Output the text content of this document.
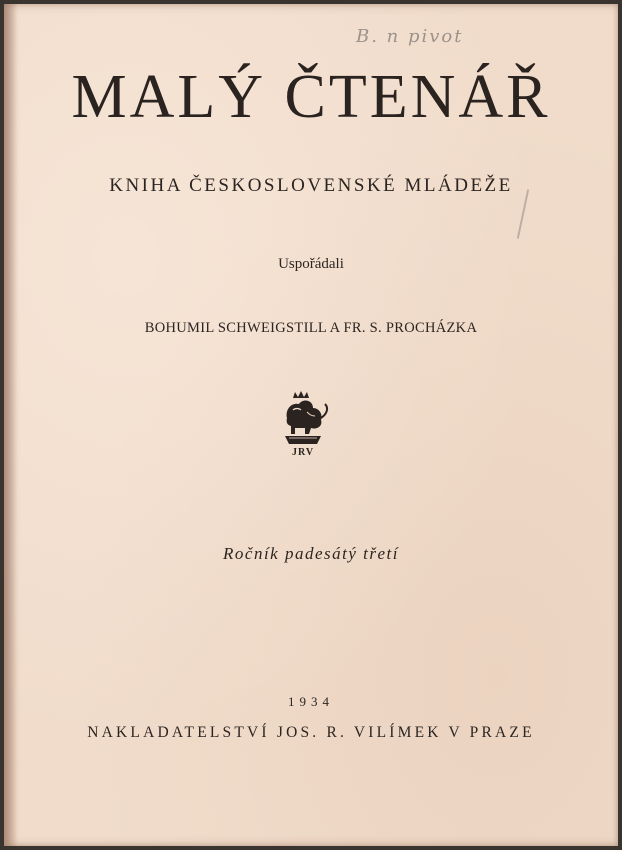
B. n pivot
MALÝ ČTENÁŘ
KNIHA ČESKOSLOVENSKÉ MLÁDEŽE
Uspořádali
BOHUMIL SCHWEIGSTILL A FR. S. PROCHÁZKA
JRV
Ročník padesátý třetí
1934
NAKLADATELSTVÍ JOS. R. VILÍMEK V PRAZE
